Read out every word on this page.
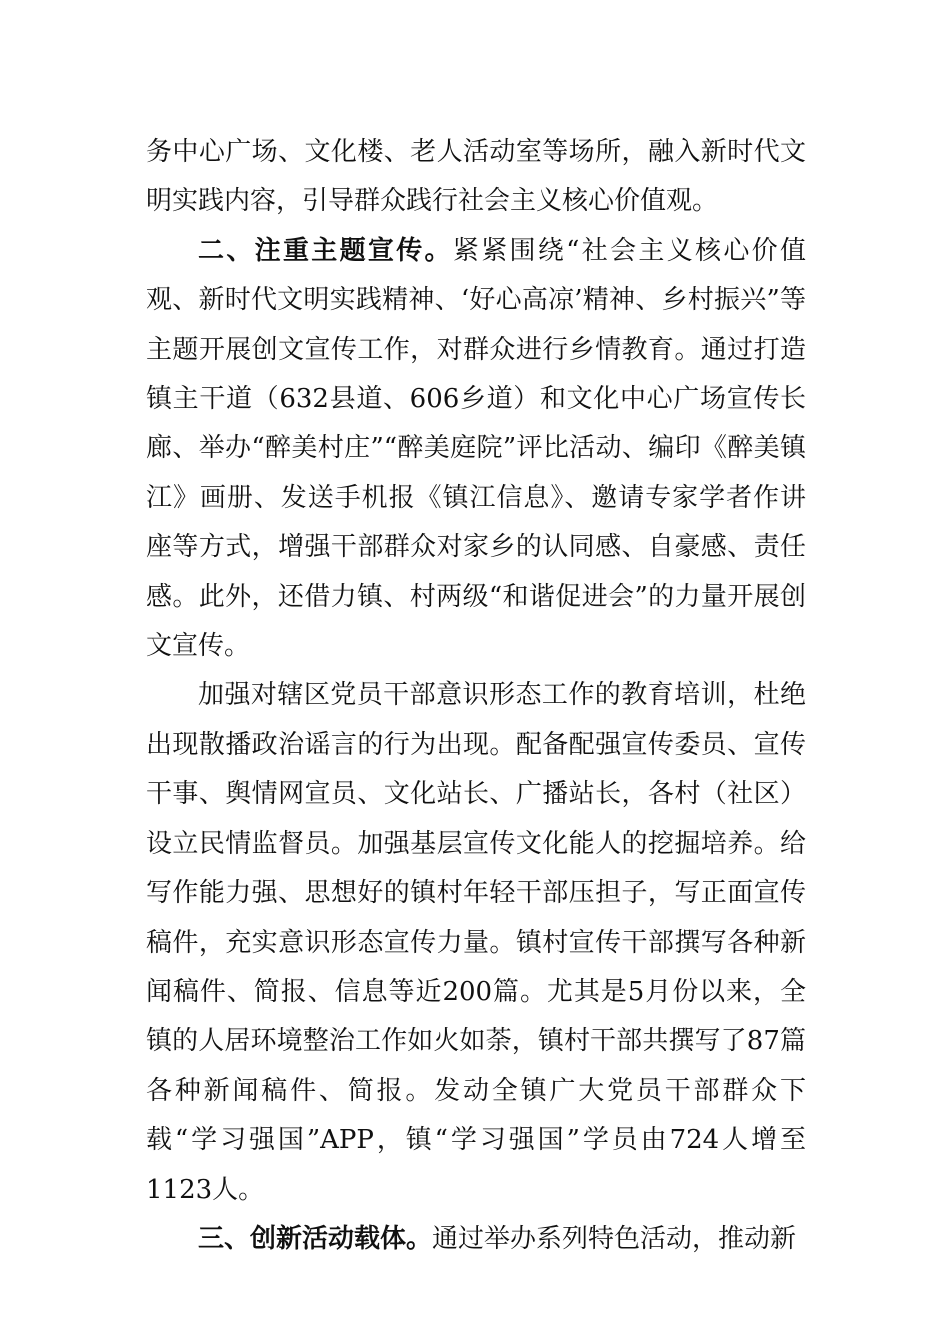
务中心广场、文化楼、老人活动室等场所，融入新时代文明实践内容，引导群众践行社会主义核心价值观。

二、注重主题宣传。紧紧围绕“社会主义核心价值观、新时代文明实践精神、‘好心高凉’精神、乡村振兴”等主题开展创文宣传工作，对群众进行乡情教育。通过打造镇主干道（632县道、606乡道）和文化中心广场宣传长廊、举办“醉美村庄”“醉美庭院”评比活动、编印《醉美镇江》画册、发送手机报《镇江信息》、邀请专家学者作讲座等方式，增强干部群众对家乡的认同感、自豪感、责任感。此外，还借力镇、村两级“和谐促进会”的力量开展创文宣传。

加强对辖区党员干部意识形态工作的教育培训，杜绝出现散播政治谣言的行为出现。配备配强宣传委员、宣传干事、舆情网宣员、文化站长、广播站长，各村（社区）设立民情监督员。加强基层宣传文化能人的挖掘培养。给写作能力强、思想好的镇村年轻干部压担子，写正面宣传稿件，充实意识形态宣传力量。镇村宣传干部撰写各种新闻稿件、简报、信息等近200篇。尤其是5月份以来，全镇的人居环境整治工作如火如荼，镇村干部共撰写了87篇各种新闻稿件、简报。发动全镇广大党员干部群众下载“学习强国”APP，镇“学习强国”学员由724人增至1123人。

三、创新活动载体。通过举办系列特色活动，推动新
